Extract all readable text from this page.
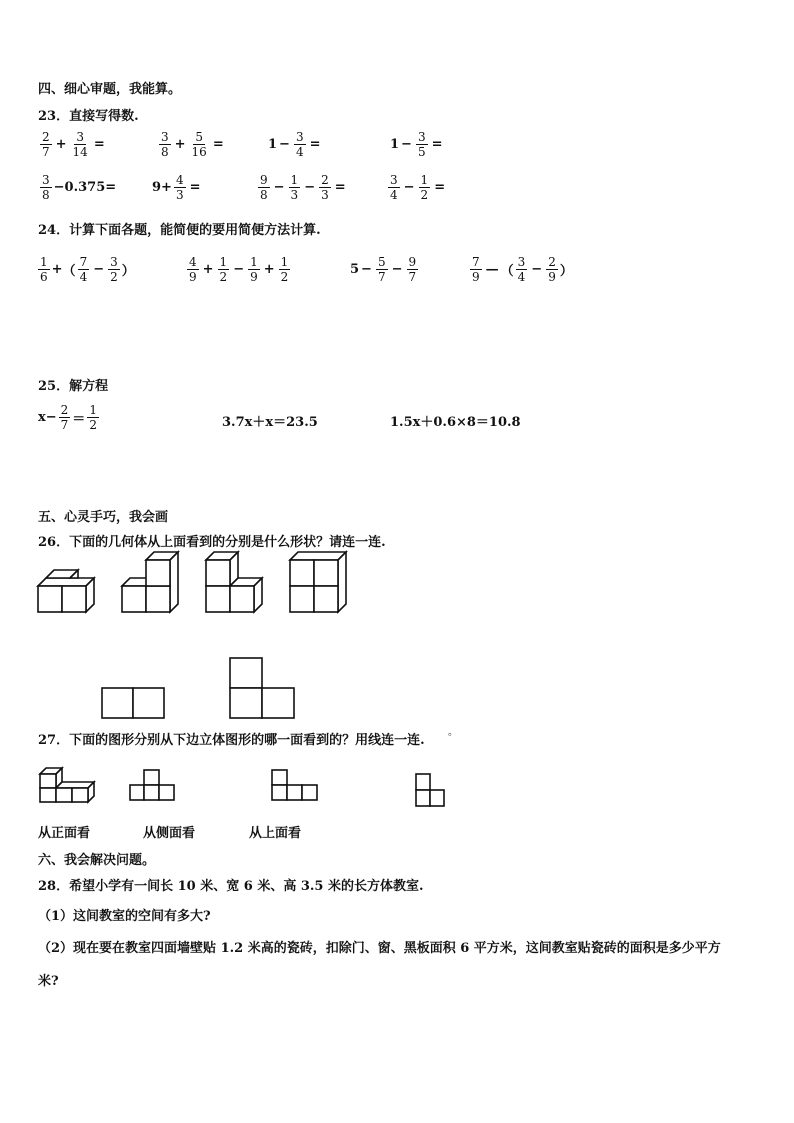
四、细心审题，我能算。
23．直接写得数.
$\frac{2}{7} + \frac{3}{14}$ =	$\frac{3}{8} + \frac{5}{16}$ =	$1 - \frac{3}{4}$ =	$1 - \frac{3}{5}$ =
$\frac{3}{8} -0.375=$	$9+ \frac{4}{3}$ =	$\frac{9}{8} - \frac{1}{3} - \frac{2}{3}$ =	$\frac{3}{4} - \frac{1}{2}$ =
24．计算下面各题，能简便的要用简便方法计算.
$\frac{1}{6}$ + （ $\frac{7}{4} - \frac{3}{2}$ ）	$\frac{4}{9} + \frac{1}{2} - \frac{1}{9} + \frac{1}{2}$	$5 - \frac{5}{7} - \frac{9}{7}$	$\frac{7}{9}$ — （ $\frac{3}{4} - \frac{2}{9}$ ）
25．解方程
$x- \frac{2}{7} = \frac{1}{2}$	3.7x＋x＝23.5	1.5x＋0.6×8＝10.8
五、心灵手巧，我会画
26．下面的几何体从上面看到的分别是什么形状？请连一连.
27．下面的图形分别从下边立体图形的哪一面看到的？用线连一连.
。
从正面看	从侧面看	从上面看
六、我会解决问题。
28．希望小学有一间长 10 米、宽 6 米、高 3.5 米的长方体教室.
（1）这间教室的空间有多大?
（2）现在要在教室四面墙壁贴 1.2 米高的瓷砖，扣除门、窗、黑板面积 6 平方米，这间教室贴瓷砖的面积是多少平方
米?
